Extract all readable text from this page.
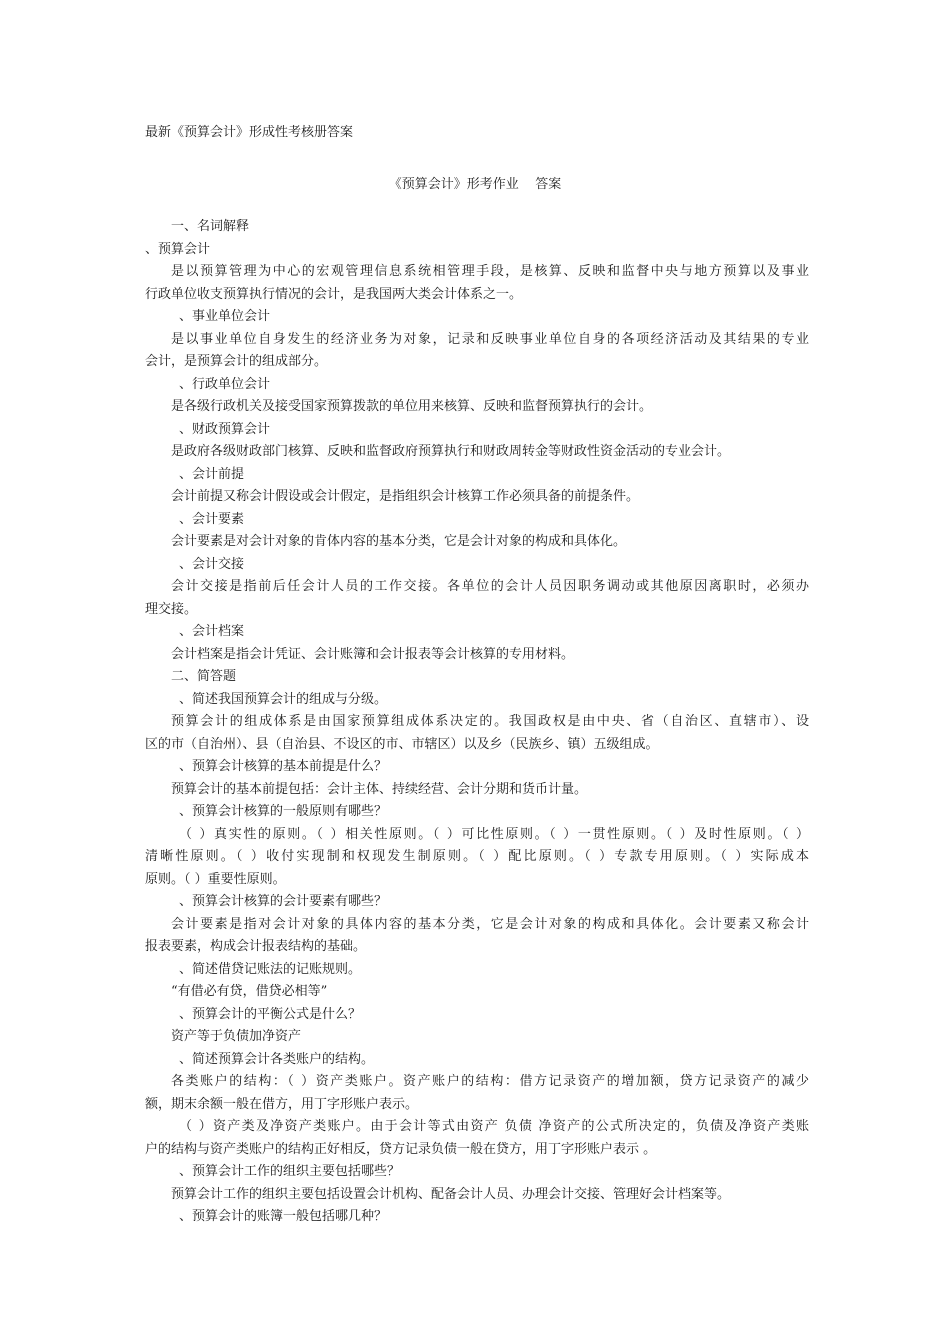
最新《预算会计》形成性考核册答案
《预算会计》形考作业    答案
一、名词解释
、预算会计
是以预算管理为中心的宏观管理信息系统相管理手段，是核算、反映和监督中央与地方预算以及事业
行政单位收支预算执行情况的会计，是我国两大类会计体系之一。
、事业单位会计
是以事业单位自身发生的经济业务为对象，记录和反映事业单位自身的各项经济活动及其结果的专业
会计，是预算会计的组成部分。
、行政单位会计
是各级行政机关及接受国家预算拨款的单位用来核算、反映和监督预算执行的会计。
、财政预算会计
是政府各级财政部门核算、反映和监督政府预算执行和财政周转金等财政性资金活动的专业会计。
、会计前提
会计前提又称会计假设或会计假定，是指组织会计核算工作必须具备的前提条件。
、会计要素
会计要素是对会计对象的肯体内容的基本分类，它是会计对象的构成和具体化。
、会计交接
会计交接是指前后任会计人员的工作交接。各单位的会计人员因职务调动或其他原因离职时，必须办
理交接。
、会计档案
会计档案是指会计凭证、会计账簿和会计报表等会计核算的专用材料。
二、简答题
、简述我国预算会计的组成与分级。
预算会计的组成体系是由国家预算组成体系决定的。我国政权是由中央、省（自治区、直辖市）、设
区的市（自治州）、县（自治县、不设区的市、市辖区）以及乡（民族乡、镇）五级组成。
、预算会计核算的基本前提是什么？
预算会计的基本前提包括：会计主体、持续经营、会计分期和货币计量。
、预算会计核算的一般原则有哪些？
（ ）真实性的原则。（ ）相关性原则。（ ）可比性原则。（ ）一贯性原则。（ ）及时性原则。（ ）
清晰性原则。（ ）收付实现制和权现发生制原则。（ ）配比原则。（ ）专款专用原则。（ ）实际成本
原则。（ ）重要性原则。
、预算会计核算的会计要素有哪些？
会计要素是指对会计对象的具体内容的基本分类，它是会计对象的构成和具体化。会计要素又称会计
报表要素，构成会计报表结构的基础。
、简述借贷记账法的记账规则。
“有借必有贷，借贷必相等”
、预算会计的平衡公式是什么？
资产等于负债加净资产
、简述预算会计各类账户的结构。
各类账户的结构：（ ）资产类账户。资产账户的结构：借方记录资产的增加额，贷方记录资产的减少
额，期末余额一般在借方，用丁字形账户表示。
（ ）资产类及净资产类账户。由于会计等式由资产 负债 净资产的公式所决定的，负债及净资产类账
户的结构与资产类账户的结构正好相反，贷方记录负债一般在贷方，用丁字形账户表示 。
、预算会计工作的组织主要包括哪些？
预算会计工作的组织主要包括设置会计机构、配备会计人员、办理会计交接、管理好会计档案等。
、预算会计的账簿一般包括哪几种？
